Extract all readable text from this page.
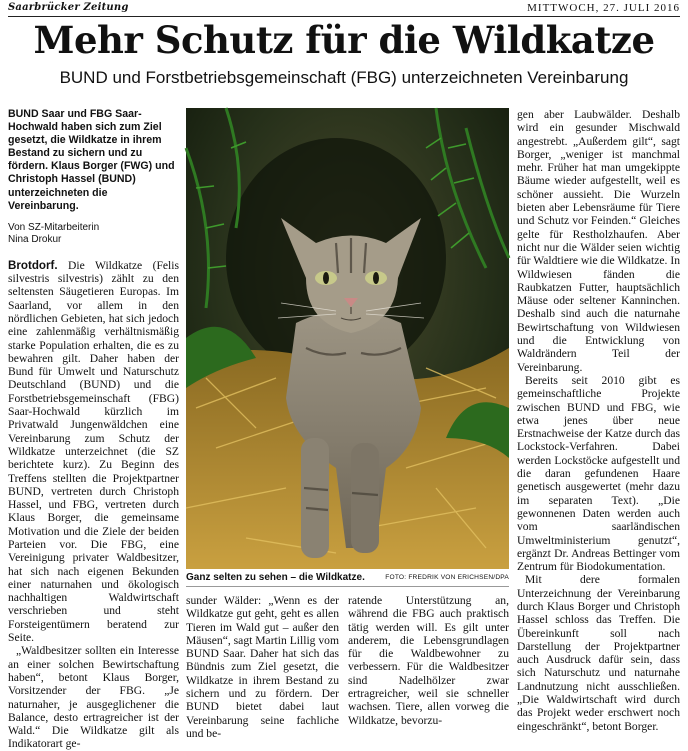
Saarbrücker Zeitung	MITTWOCH, 27. JULI 2016
Mehr Schutz für die Wildkatze
BUND und Forstbetriebsgemeinschaft (FBG) unterzeichneten Vereinbarung
BUND Saar und FBG Saar-Hochwald haben sich zum Ziel gesetzt, die Wildkatze in ihrem Bestand zu sichern und zu fördern. Klaus Borger (FWG) und Christoph Hassel (BUND) unterzeichneten die Vereinbarung.
Von SZ-Mitarbeiterin
Nina Drokur

Brotdorf. Die Wildkatze (Felis silvestris silvestris) zählt zu den seltensten Säugetieren Europas. Im Saarland, vor allem in den nördlichen Gebieten, hat sich jedoch eine zahlenmäßig verhältnismäßig starke Population erhalten, die es zu bewahren gilt. Daher haben der Bund für Umwelt und Naturschutz Deutschland (BUND) und die Forstbetriebsgemeinschaft (FBG) Saar-Hochwald kürzlich im Privatwald Jungenwäldchen eine Vereinbarung zum Schutz der Wildkatze unterzeichnet (die SZ berichtete kurz). Zu Beginn des Treffens stellten die Projektpartner BUND, vertreten durch Christoph Hassel, und FBG, vertreten durch Klaus Borger, die gemeinsame Motivation und die Ziele der beiden Parteien vor. Die FBG, eine Vereinigung privater Waldbesitzer, hat sich nach eigenen Bekunden einer naturnahen und ökologisch nachhaltigen Waldwirtschaft verschrieben und steht Forsteigentümern beratend zur Seite.

„Waldbesitzer sollten ein Interesse an einer solchen Bewirtschaftung haben“, betont Klaus Borger, Vorsitzender der FBG. „Je naturnaher, je ausgeglichener die Balance, desto ertragreicher ist der Wald.“ Die Wildkatze gilt als Indikatorart ge-

Ganz selten zu sehen – die Wildkatze.	FOTO: FREDRIK VON ERICHSEN/DPA

sunder Wälder: „Wenn es der Wildkatze gut geht, geht es allen Tieren im Wald gut – außer den Mäusen“, sagt Martin Lillig vom BUND Saar. Daher hat sich das Bündnis zum Ziel gesetzt, die Wildkatze in ihrem Bestand zu sichern und zu fördern. Der BUND bietet dabei laut Vereinbarung seine fachliche und be-

ratende Unterstützung an, während die FBG auch praktisch tätig werden will. Es gilt unter anderem, die Lebensgrundlagen für die Waldbewohner zu verbessern. Für die Waldbesitzer sind Nadelhölzer zwar ertragreicher, weil sie schneller wachsen. Tiere, allen vorweg die Wildkatze, bevorzu-

gen aber Laubwälder. Deshalb wird ein gesunder Mischwald angestrebt. „Außerdem gilt“, sagt Borger, „weniger ist manchmal mehr. Früher hat man umgekippte Bäume wieder aufgestellt, weil es schöner aussieht. Die Wurzeln bieten aber Lebensräume für Tiere und Schutz vor Feinden.“ Gleiches gelte für Restholzhaufen. Aber nicht nur die Wälder seien wichtig für Waldtiere wie die Wildkatze. In Wildwiesen fänden die Raubkatzen Futter, hauptsächlich Mäuse oder seltener Kanninchen. Deshalb sind auch die naturnahe Bewirtschaftung von Wildwiesen und die Entwicklung von Waldrändern Teil der Vereinbarung.

Bereits seit 2010 gibt es gemeinschaftliche Projekte zwischen BUND und FBG, wie etwa jenes über neue Erstnachweise der Katze durch das Lockstock-Verfahren. Dabei werden Lockstöcke aufgestellt und die daran gefundenen Haare genetisch ausgewertet (mehr dazu im separaten Text). „Die gewonnenen Daten werden auch vom saarländischen Umweltministerium genutzt“, ergänzt Dr. Andreas Bettinger vom Zentrum für Biodokumentation.

Mit dere formalen Unterzeichnung der Vereinbarung durch Klaus Borger und Christoph Hassel schloss das Treffen. Die Übereinkunft soll nach Darstellung der Projektpartner auch Ausdruck dafür sein, dass sich Naturschutz und naturnahe Landnutzung nicht ausschließen. „Die Waldwirtschaft wird durch das Projekt weder erschwert noch eingeschränkt“, betont Borger.
